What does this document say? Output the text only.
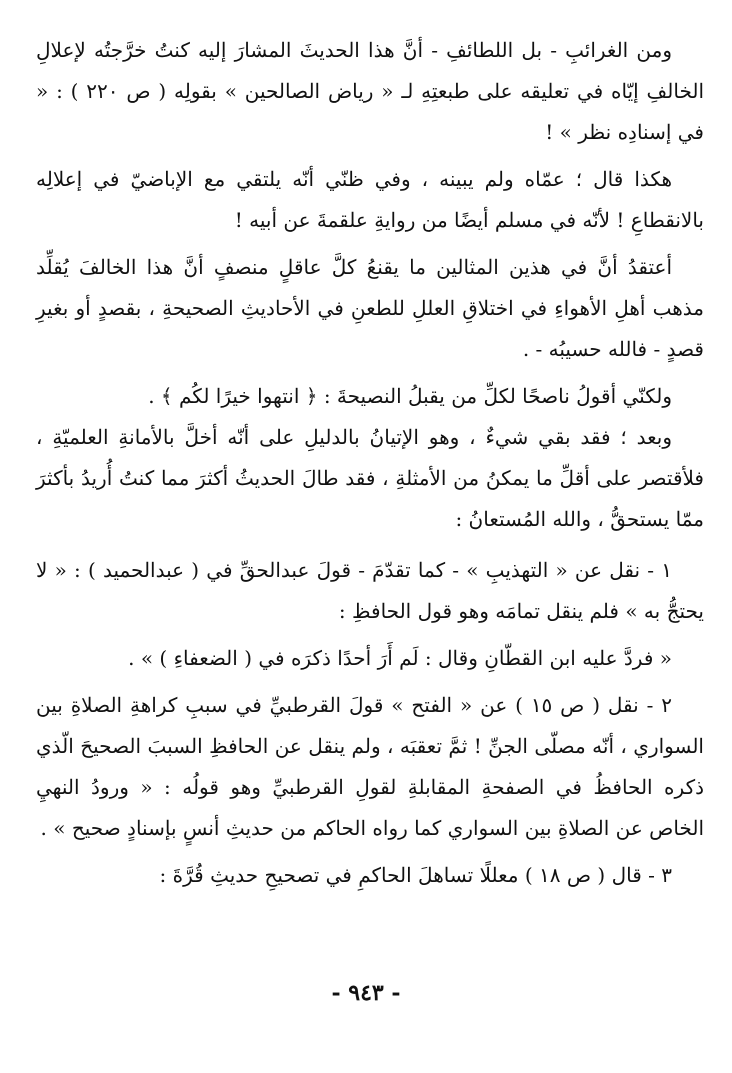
ومن الغرائبِ - بل اللطائفِ - أنَّ هذا الحديثَ المشارَ إليه كنتُ خرَّجتُه لإعلالِ الخالفِ إيّاه في تعليقه على طبعتِهِ لـ « رياض الصالحين » بقولِه ( ص ٢٢٠ ) : « في إسنادِه نظر » !

هكذا قال ؛ عمّاه ولم يبينه ، وفي ظنّي أنّه يلتقي مع الإباضيّ في إعلالِه بالانقطاعِ ! لأنّه في مسلم أيضًا من روايةِ علقمةَ عن أبيه !

أعتقدُ أنَّ في هذين المثالين ما يقنعُ كلَّ عاقلٍ منصفٍ أنَّ هذا الخالفَ يُقلِّد مذهب أهلِ الأهواءِ في اختلاقِ العللِ للطعنِ في الأحاديثِ الصحيحةِ ، بقصدٍ أو بغيرِ قصدٍ - فالله حسيبُه - .

ولكنّي أقولُ ناصحًا لكلِّ من يقبلُ النصيحةَ : ﴿ انتهوا خيرًا لكُم ﴾ .

وبعد ؛ فقد بقي شيءٌ ، وهو الإتيانُ بالدليلِ على أنّه أخلَّ بالأمانةِ العلميّةِ ، فلأقتصر على أقلِّ ما يمكنُ من الأمثلةِ ، فقد طالَ الحديثُ أكثرَ مما كنتُ أُريدُ بأكثرَ ممّا يستحقُّ ، والله المُستعانُ :

١ - نقل عن « التهذيبِ » - كما تقدّمَ - قولَ عبدالحقِّ في ( عبدالحميد ) : « لا يحتجُّ به » فلم ينقل تمامَه وهو قول الحافظِ :

« فردَّ عليه ابن القطّانِ وقال : لَم أَرَ أحدًا ذكرَه في ( الضعفاءِ ) » .

٢ - نقل ( ص ١٥ ) عن « الفتح » قولَ القرطبيِّ في سببِ كراهةِ الصلاةِ بين السواري ، أنّه مصلّى الجنِّ ! ثمَّ تعقبَه ، ولم ينقل عن الحافظِ السببَ الصحيحَ الّذي ذكره الحافظُ في الصفحةِ المقابلةِ لقولِ القرطبيِّ وهو قولُه : « ورودُ النهيِ الخاص عن الصلاةِ بين السواري كما رواه الحاكم من حديثِ أنسٍ بإسنادٍ صحيح » .

٣ - قال ( ص ١٨ ) معللًا تساهلَ الحاكمِ في تصحيحِ حديثِ قُرَّةَ :

- ٩٤٣ -
